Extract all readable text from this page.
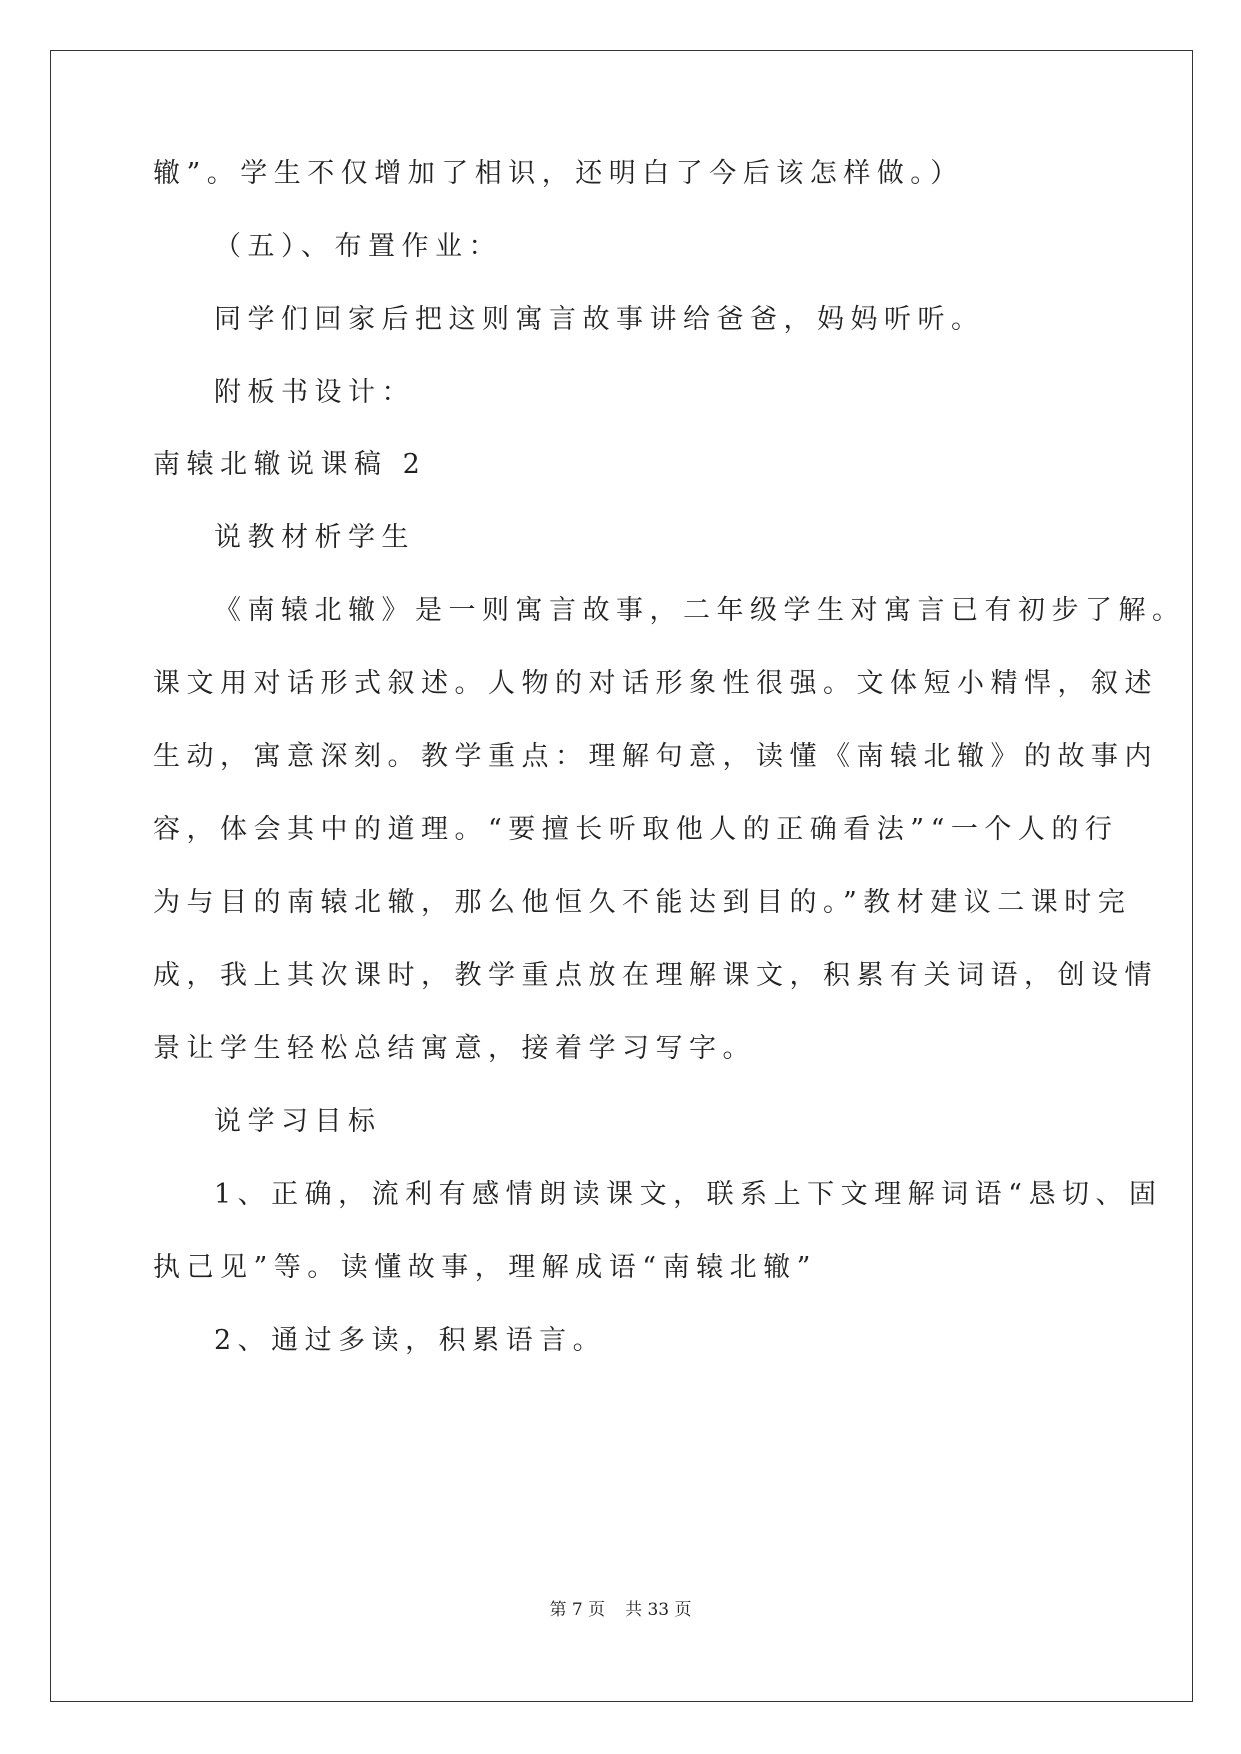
辙”。学生不仅增加了相识，还明白了今后该怎样做。）

（五）、布置作业：

同学们回家后把这则寓言故事讲给爸爸，妈妈听听。

附板书设计：

南辕北辙说课稿 2

说教材析学生

《南辕北辙》是一则寓言故事，二年级学生对寓言已有初步了解。

课文用对话形式叙述。人物的对话形象性很强。文体短小精悍，叙述

生动，寓意深刻。教学重点：理解句意，读懂《南辕北辙》的故事内

容，体会其中的道理。“要擅长听取他人的正确看法”“一个人的行

为与目的南辕北辙，那么他恒久不能达到目的。”教材建议二课时完

成，我上其次课时，教学重点放在理解课文，积累有关词语，创设情

景让学生轻松总结寓意，接着学习写字。

说学习目标

1、正确，流利有感情朗读课文，联系上下文理解词语“恳切、固

执己见”等。读懂故事，理解成语“南辕北辙”

2、通过多读，积累语言。

第 7 页 共 33 页
